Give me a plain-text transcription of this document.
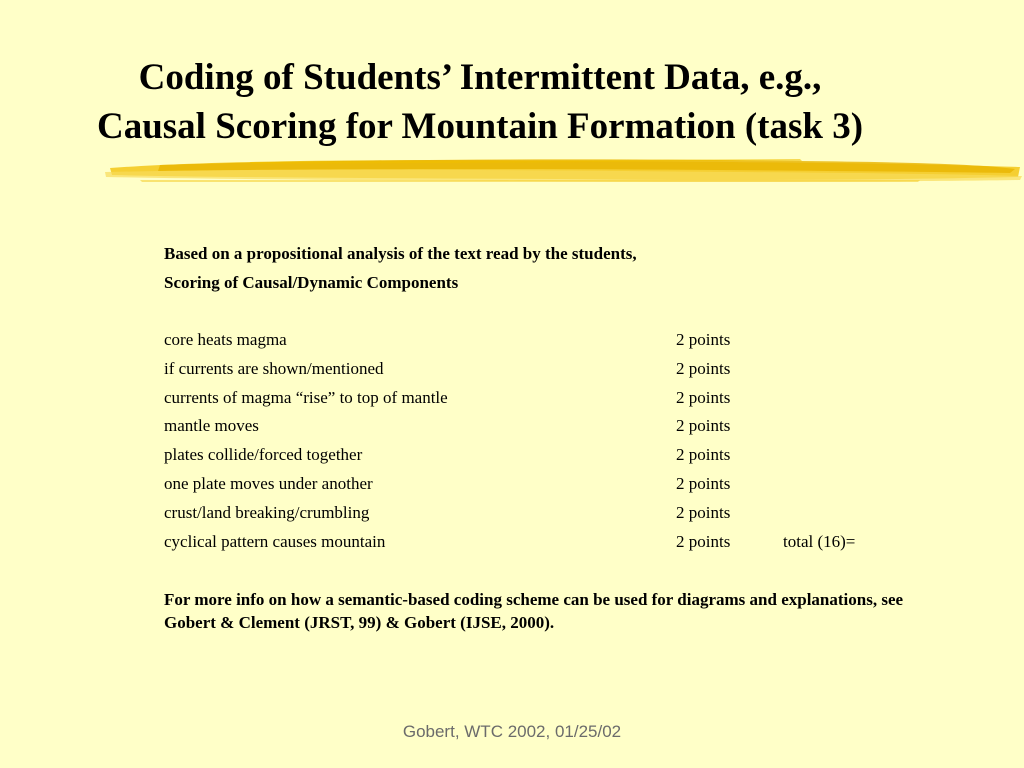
Coding of Students’ Intermittent Data, e.g.,
Causal Scoring for Mountain Formation (task 3)
Based on a propositional analysis of the text read by the students,
Scoring of Causal/Dynamic Components
core heats magma	2 points
if currents are shown/mentioned	2 points
currents of magma “rise” to top of mantle	2 points
mantle moves	2 points
plates collide/forced together	2 points
one plate moves under another	2 points
crust/land breaking/crumbling	2 points
cyclical pattern causes mountain	2 points	total (16)=
For more info on how a semantic-based coding scheme can be used for diagrams and explanations, see Gobert & Clement (JRST, 99) & Gobert (IJSE, 2000).
Gobert, WTC 2002, 01/25/02
